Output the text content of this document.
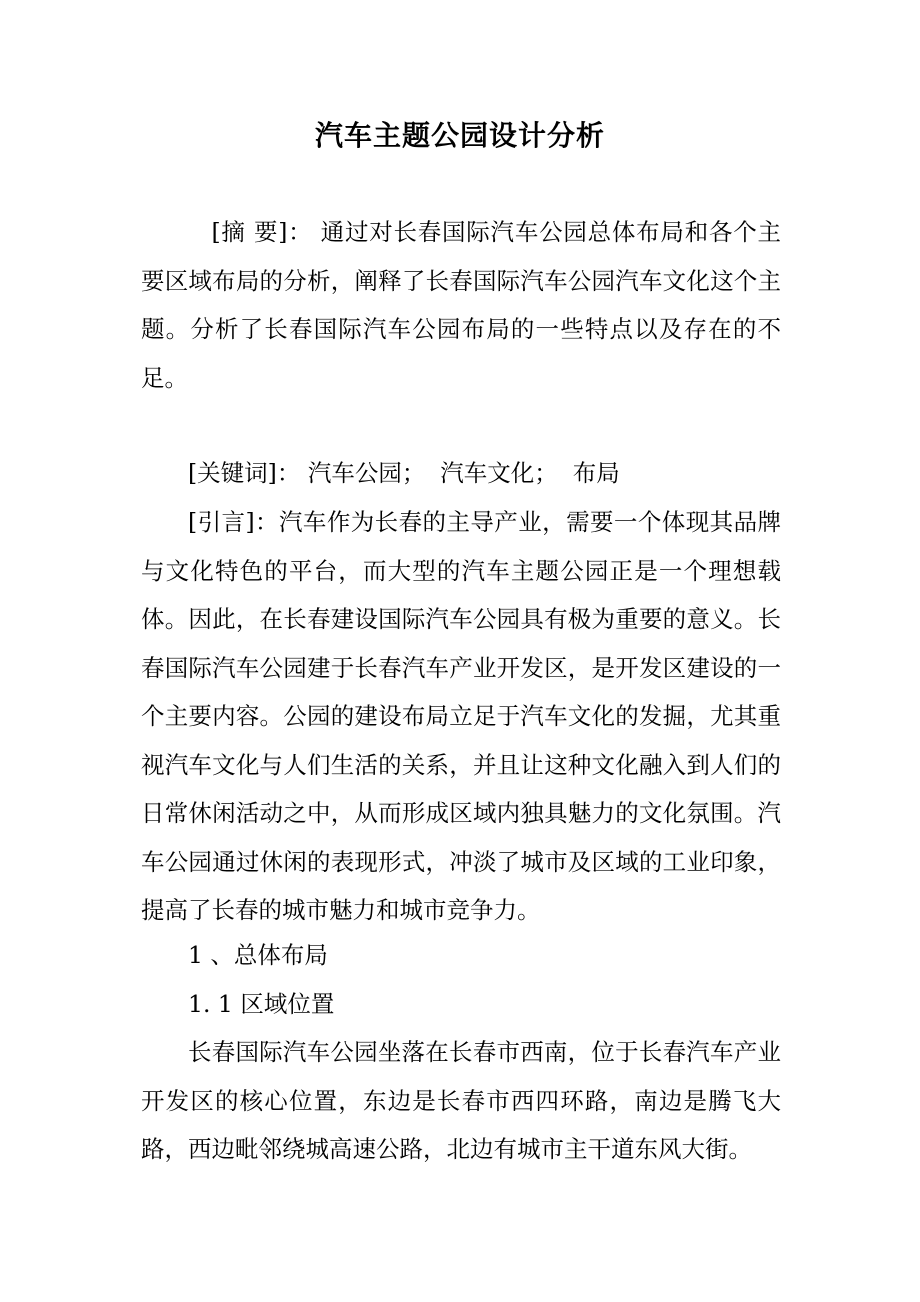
汽车主题公园设计分析

[摘 要]： 通过对长春国际汽车公园总体布局和各个主要区域布局的分析，阐释了长春国际汽车公园汽车文化这个主题。分析了长春国际汽车公园布局的一些特点以及存在的不足。

[关键词]： 汽车公园； 汽车文化； 布局

[引言]：汽车作为长春的主导产业，需要一个体现其品牌与文化特色的平台，而大型的汽车主题公园正是一个理想载体。因此，在长春建设国际汽车公园具有极为重要的意义。长春国际汽车公园建于长春汽车产业开发区，是开发区建设的一个主要内容。公园的建设布局立足于汽车文化的发掘，尤其重视汽车文化与人们生活的关系，并且让这种文化融入到人们的日常休闲活动之中，从而形成区域内独具魅力的文化氛围。汽车公园通过休闲的表现形式，冲淡了城市及区域的工业印象，提高了长春的城市魅力和城市竞争力。

1 、总体布局

1. 1 区域位置

长春国际汽车公园坐落在长春市西南，位于长春汽车产业开发区的核心位置，东边是长春市西四环路，南边是腾飞大路，西边毗邻绕城高速公路，北边有城市主干道东风大街。
